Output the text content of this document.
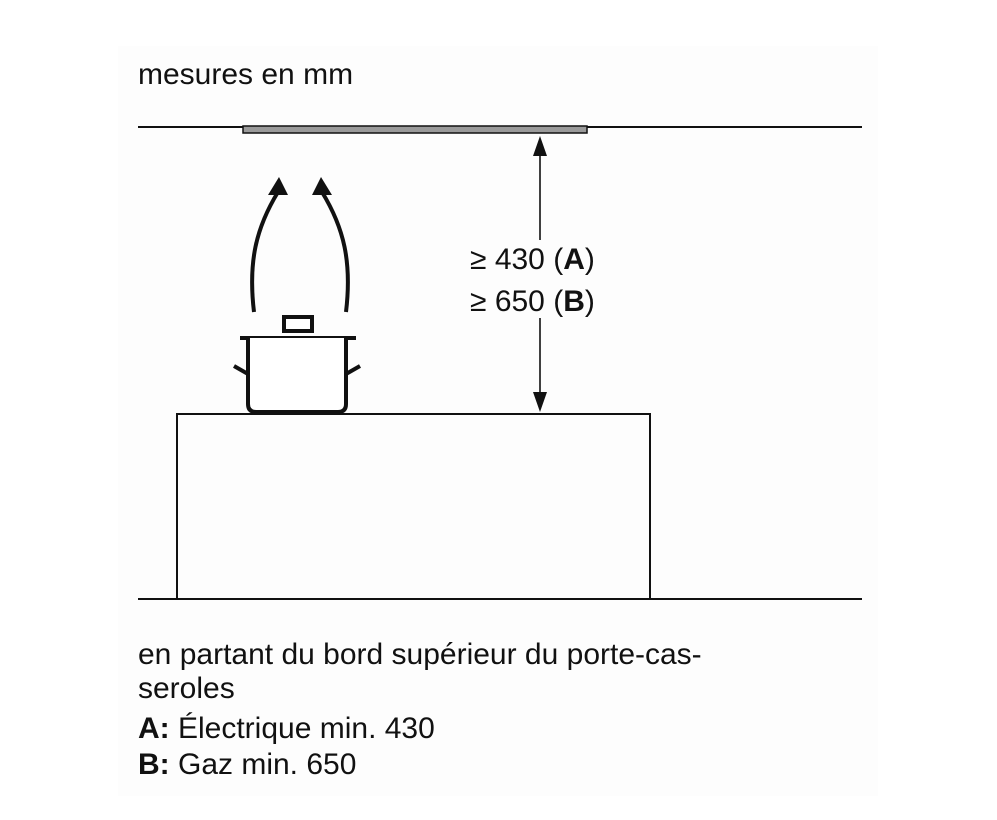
mesures en mm
≥ 430 (A)
≥ 650 (B)
en partant du bord supérieur du porte-cas-
seroles
A: Électrique min. 430
B: Gaz min. 650
